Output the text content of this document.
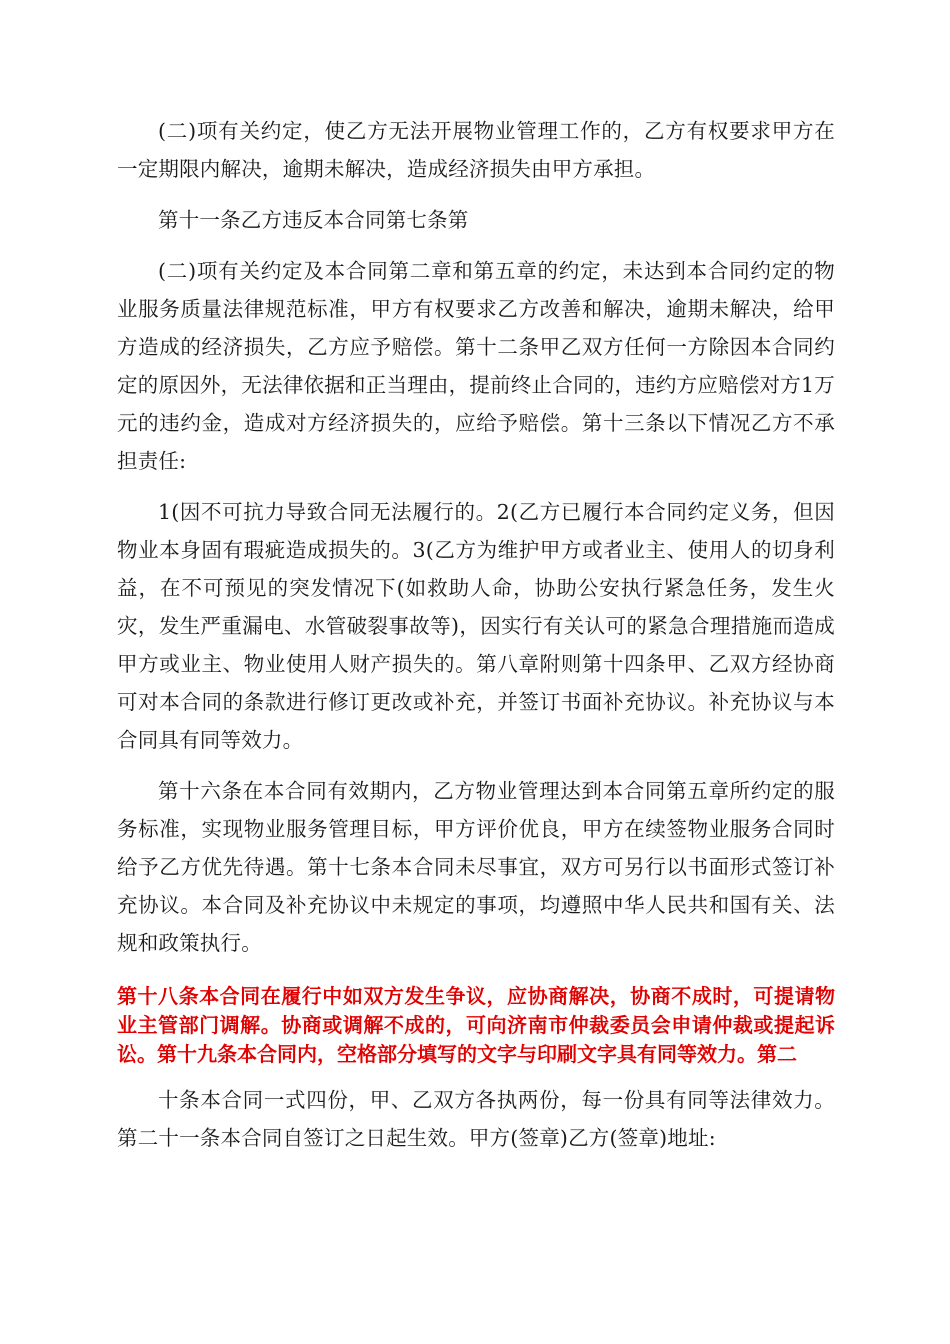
(二)项有关约定，使乙方无法开展物业管理工作的，乙方有权要求甲方在一定期限内解决，逾期未解决，造成经济损失由甲方承担。

第十一条乙方违反本合同第七条第

(二)项有关约定及本合同第二章和第五章的约定，未达到本合同约定的物业服务质量法律规范标准，甲方有权要求乙方改善和解决，逾期未解决，给甲方造成的经济损失，乙方应予赔偿。第十二条甲乙双方任何一方除因本合同约定的原因外，无法律依据和正当理由，提前终止合同的，违约方应赔偿对方1万元的违约金，造成对方经济损失的，应给予赔偿。第十三条以下情况乙方不承担责任:

1(因不可抗力导致合同无法履行的。2(乙方已履行本合同约定义务，但因物业本身固有瑕疵造成损失的。3(乙方为维护甲方或者业主、使用人的切身利益，在不可预见的突发情况下(如救助人命，协助公安执行紧急任务，发生火灾，发生严重漏电、水管破裂事故等)，因实行有关认可的紧急合理措施而造成甲方或业主、物业使用人财产损失的。第八章附则第十四条甲、乙双方经协商可对本合同的条款进行修订更改或补充，并签订书面补充协议。补充协议与本合同具有同等效力。

第十六条在本合同有效期内，乙方物业管理达到本合同第五章所约定的服务标准，实现物业服务管理目标，甲方评价优良，甲方在续签物业服务合同时给予乙方优先待遇。第十七条本合同未尽事宜，双方可另行以书面形式签订补充协议。本合同及补充协议中未规定的事项，均遵照中华人民共和国有关、法规和政策执行。

第十八条本合同在履行中如双方发生争议，应协商解决，协商不成时，可提请物业主管部门调解。协商或调解不成的，可向济南市仲裁委员会申请仲裁或提起诉讼。第十九条本合同内，空格部分填写的文字与印刷文字具有同等效力。第二

十条本合同一式四份，甲、乙双方各执两份，每一份具有同等法律效力。第二十一条本合同自签订之日起生效。甲方(签章)乙方(签章)地址:
